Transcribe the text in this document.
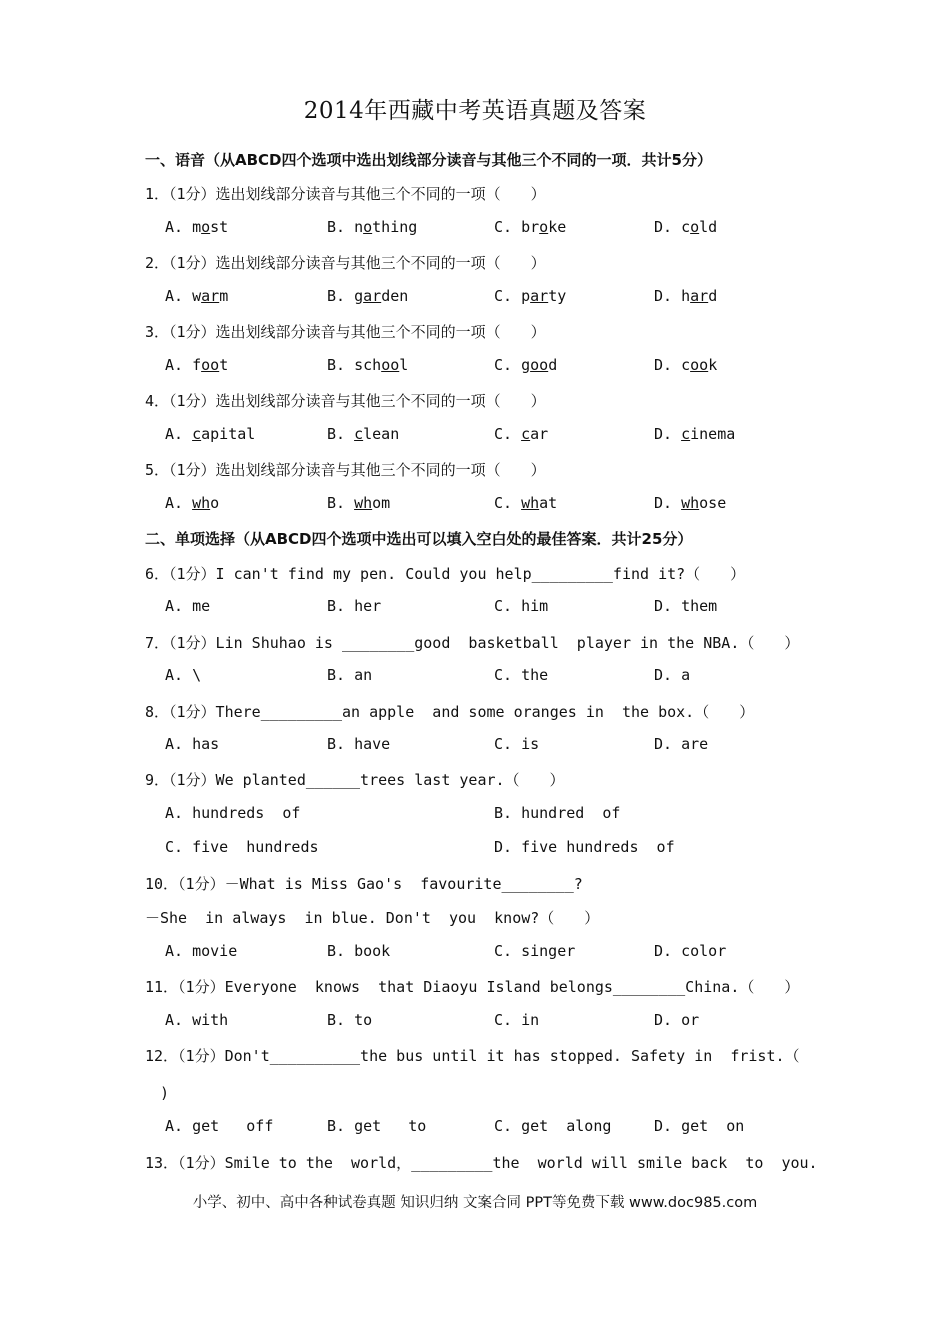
2014年西藏中考英语真题及答案
一、语音（从ABCD四个选项中选出划线部分读音与其他三个不同的一项．共计5分）
1．（1分）选出划线部分读音与其他三个不同的一项（　　）
A. most	B. nothing	C. broke	D. cold
2．（1分）选出划线部分读音与其他三个不同的一项（　　）
A. warm	B. garden	C. party	D. hard
3．（1分）选出划线部分读音与其他三个不同的一项（　　）
A. foot	B. school	C. good	D. cook
4．（1分）选出划线部分读音与其他三个不同的一项（　　）
A. capital	B. clean	C. car	D. cinema
5．（1分）选出划线部分读音与其他三个不同的一项（　　）
A. who	B. whom	C. what	D. whose
二、单项选择（从ABCD四个选项中选出可以填入空白处的最佳答案．共计25分）
6．（1分）I can't find my pen. Could you help_________find it?（　　）
A. me	B. her	C. him	D. them
7．（1分）Lin Shuhao is ________good  basketball  player in the NBA.（　　）
A. \	B. an	C. the	D. a
8．（1分）There_________an apple  and some oranges in  the box.（　　）
A. has	B. have	C. is	D. are
9．（1分）We planted______trees last year.（　　）
A. hundreds  of	B. hundred  of
C. five  hundreds	D. five hundreds  of
10．（1分）－What is Miss Gao's  favourite________?
－She  in always  in blue. Don't  you  know?（　　）
A. movie	B. book	C. singer	D. color
11．（1分）Everyone  knows  that Diaoyu Island belongs________China.（　　）
A. with	B. to	C. in	D. or
12．（1分）Don't__________the bus until it has stopped. Safety in  frist.（
　)
A. get   off	B. get   to	C. get  along	D. get  on
13．（1分）Smile to the  world，_________the  world will smile back  to  you.
小学、初中、高中各种试卷真题 知识归纳 文案合同 PPT等免费下载 www.doc985.com
